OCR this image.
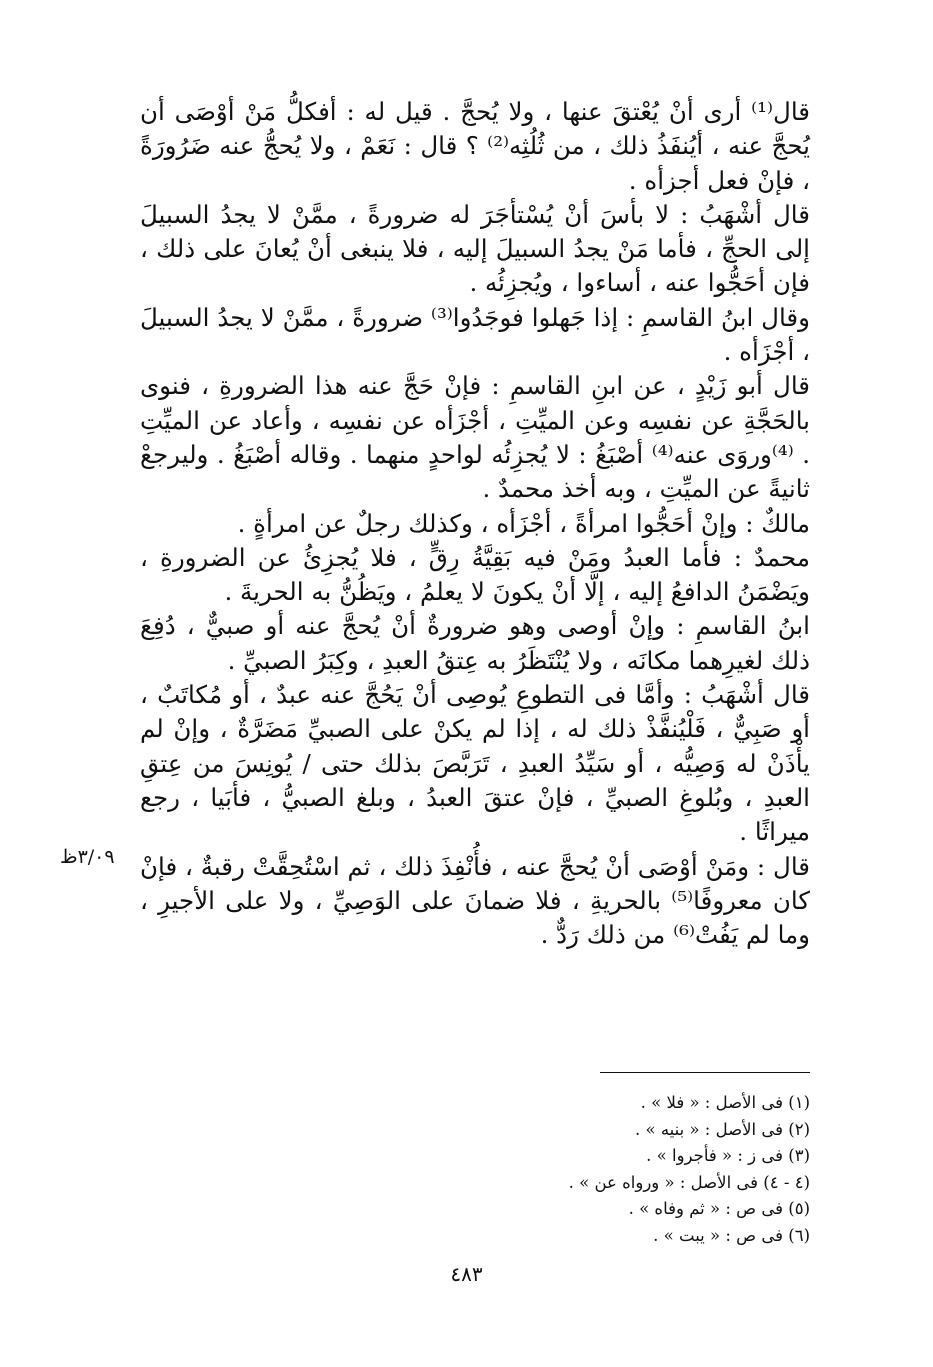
قال⁽¹⁾ أرى أنْ يُعْتقَ عنها ، ولا يُحجَّ . قيل له : أفكلُّ مَنْ أوْصَى أن يُحجَّ عنه ، أيُنفَذُ ذلك ، من ثُلُثِه⁽²⁾ ؟ قال : نَعَمْ ، ولا يُحجُّ عنه ضَرُورَةً ، فإنْ فعل أجزأه .

قال أشْهَبُ : لا بأسَ أنْ يُسْتأجَرَ له ضرورةً ، ممَّنْ لا يجدُ السبيلَ إلى الحجِّ ، فأما مَنْ يجدُ السبيلَ إليه ، فلا ينبغى أنْ يُعانَ على ذلك ، فإن أحَجُّوا عنه ، أساءوا ، ويُجزِئُه .

وقال ابنُ القاسمِ : إذا جَهلوا فوجَدُوا⁽³⁾ ضرورةً ، ممَّنْ لا يجدُ السبيلَ ، أجْزَأه .

قال أبو زَيْدٍ ، عن ابنِ القاسمِ : فإنْ حَجَّ عنه هذا الضرورةِ ، فنوى بالحَجَّةِ عن نفسِه وعن الميِّتِ ، أجْزَأه عن نفسِه ، وأعاد عن الميِّتِ . ⁽⁴⁾وروَى عنه⁽⁴⁾ أصْبَغُ : لا يُجزِئُه لواحدٍ منهما . وقاله أصْبَغُ . وليرجعْ ثانيةً عن الميِّتِ ، وبه أخذ محمدٌ .

مالكٌ : وإنْ أحَجُّوا امرأةً ، أجْزَأه ، وكذلك رجلٌ عن امرأةٍ .

محمدٌ : فأما العبدُ ومَنْ فيه بَقِيَّةُ رِقٍّ ، فلا يُجزِئُ عن الضرورةِ ، ويَضْمَنُ الدافعُ إليه ، إلَّا أنْ يكونَ لا يعلمُ ، ويَظُنُّ به الحريةَ .

ابنُ القاسمِ : وإنْ أوصى وهو ضرورةٌ أنْ يُحجَّ عنه أو صبيٌّ ، دُفِعَ ذلك لغيرِهما مكانَه ، ولا يُنْتَظَرُ به عِتقُ العبدِ ، وكِبَرُ الصبيِّ .

قال أشْهَبُ : وأمَّا فى التطوعِ يُوصِى أنْ يَحُجَّ عنه عبدٌ ، أو مُكاتَبٌ ، أو صَبِيٌّ ، فَلْيُنفَّذْ ذلك له ، إذا لم يكنْ على الصبيِّ مَضَرَّةٌ ، وإنْ لم يأْذَنْ له وَصِيُّه ، أو سَيِّدُ العبدِ ، تَرَبَّصَ بذلك حتى / يُونِسَ من عِتقِ العبدِ ، وبُلوغِ الصبيِّ ، فإنْ عتقَ العبدُ ، وبلغ الصبيُّ ، فأبَيا ، رجع ميراثًا .

قال : ومَنْ أوْصَى أنْ يُحجَّ عنه ، فأُنْفِذَ ذلك ، ثم اسْتُحِقَّتْ رقبةٌ ، فإنْ كان معروفًا⁽⁵⁾ بالحريةِ ، فلا ضمانَ على الوَصِيِّ ، ولا على الأجيرِ ، وما لم يَفُتْ⁽⁶⁾ من ذلك رَدٌّ .

٣/٠٩ظ

(١) فى الأصل : « فلا » .

(٢) فى الأصل : « بنيه » .

(٣) فى ز : « فأجروا » .

(٤ - ٤) فى الأصل : « ورواه عن » .

(٥) فى ص : « ثم وفاه » .

(٦) فى ص : « يبت » .

٤٨٣
